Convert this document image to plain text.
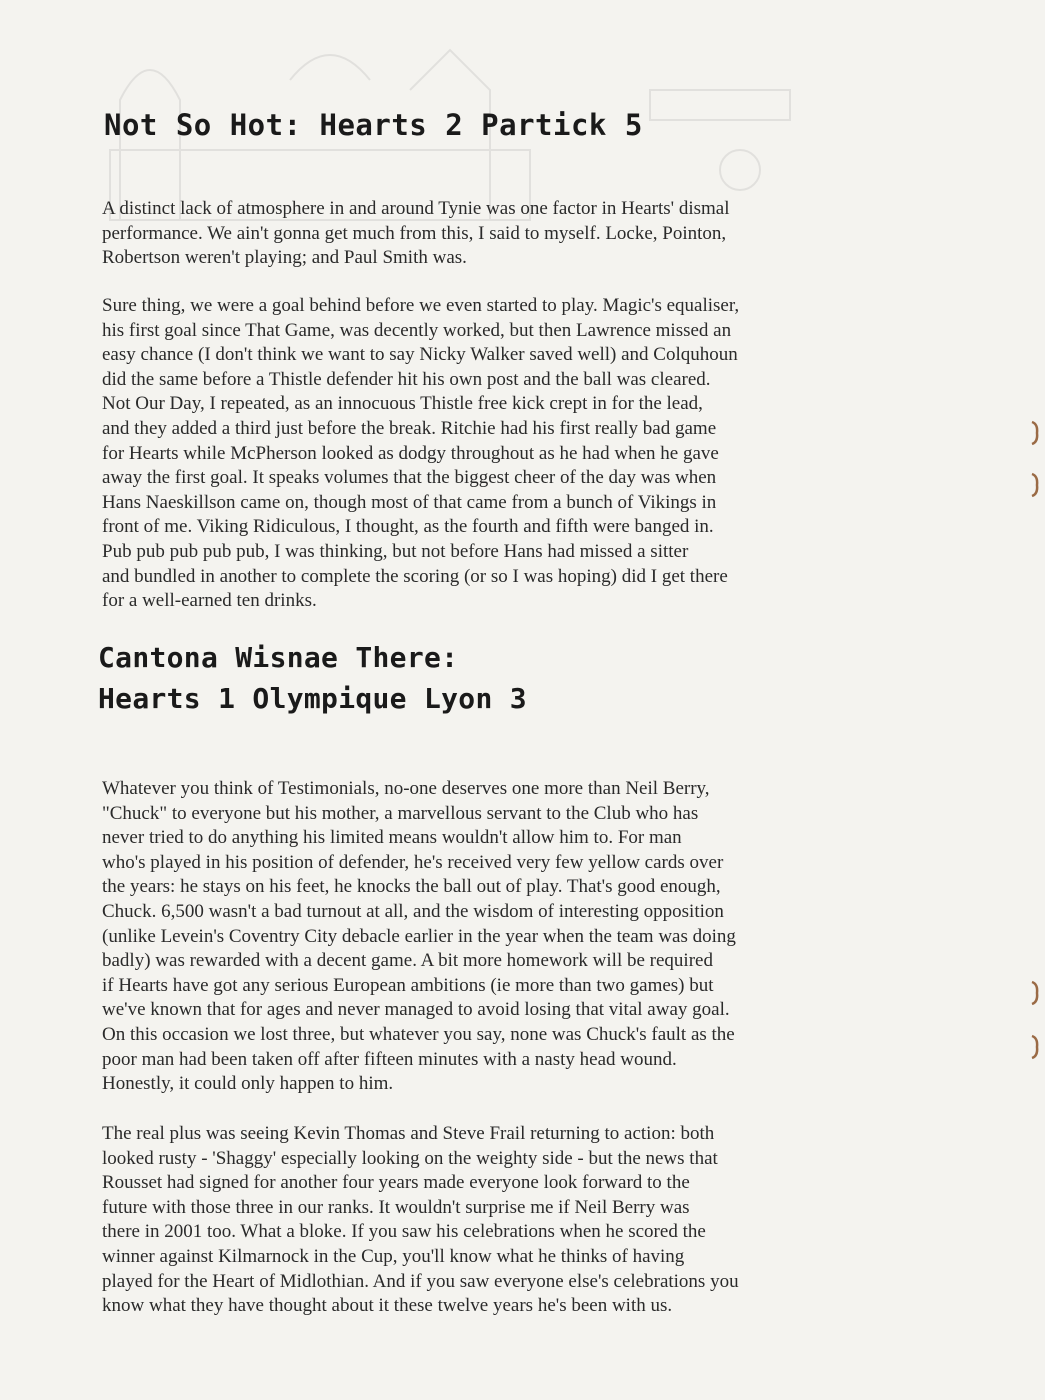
Not So Hot: Hearts 2 Partick 5
A distinct lack of atmosphere in and around Tynie was one factor in Hearts' dismal
performance. We ain't gonna get much from this, I said to myself. Locke, Pointon,
Robertson weren't playing; and Paul Smith was.
Sure thing, we were a goal behind before we even started to play. Magic's equaliser,
his first goal since That Game, was decently worked, but then Lawrence missed an
easy chance (I don't think we want to say Nicky Walker saved well) and Colquhoun
did the same before a Thistle defender hit his own post and the ball was cleared.
Not Our Day, I repeated, as an innocuous Thistle free kick crept in for the lead,
and they added a third just before the break. Ritchie had his first really bad game
for Hearts while McPherson looked as dodgy throughout as he had when he gave
away the first goal. It speaks volumes that the biggest cheer of the day was when
Hans Naeskillson came on, though most of that came from a bunch of Vikings in
front of me. Viking Ridiculous, I thought, as the fourth and fifth were banged in.
Pub pub pub pub pub, I was thinking, but not before Hans had missed a sitter
and bundled in another to complete the scoring (or so I was hoping) did I get there
for a well-earned ten drinks.
Cantona Wisnae There:
Hearts 1 Olympique Lyon 3
Whatever you think of Testimonials, no-one deserves one more than Neil Berry,
"Chuck" to everyone but his mother, a marvellous servant to the Club who has
never tried to do anything his limited means wouldn't allow him to. For man
who's played in his position of defender, he's received very few yellow cards over
the years: he stays on his feet, he knocks the ball out of play. That's good enough,
Chuck. 6,500 wasn't a bad turnout at all, and the wisdom of interesting opposition
(unlike Levein's Coventry City debacle earlier in the year when the team was doing
badly) was rewarded with a decent game. A bit more homework will be required
if Hearts have got any serious European ambitions (ie more than two games) but
we've known that for ages and never managed to avoid losing that vital away goal.
On this occasion we lost three, but whatever you say, none was Chuck's fault as the
poor man had been taken off after fifteen minutes with a nasty head wound.
Honestly, it could only happen to him.
The real plus was seeing Kevin Thomas and Steve Frail returning to action: both
looked rusty - 'Shaggy' especially looking on the weighty side - but the news that
Rousset had signed for another four years made everyone look forward to the
future with those three in our ranks. It wouldn't surprise me if Neil Berry was
there in 2001 too. What a bloke. If you saw his celebrations when he scored the
winner against Kilmarnock in the Cup, you'll know what he thinks of having
played for the Heart of Midlothian. And if you saw everyone else's celebrations you
know what they have thought about it these twelve years he's been with us.
